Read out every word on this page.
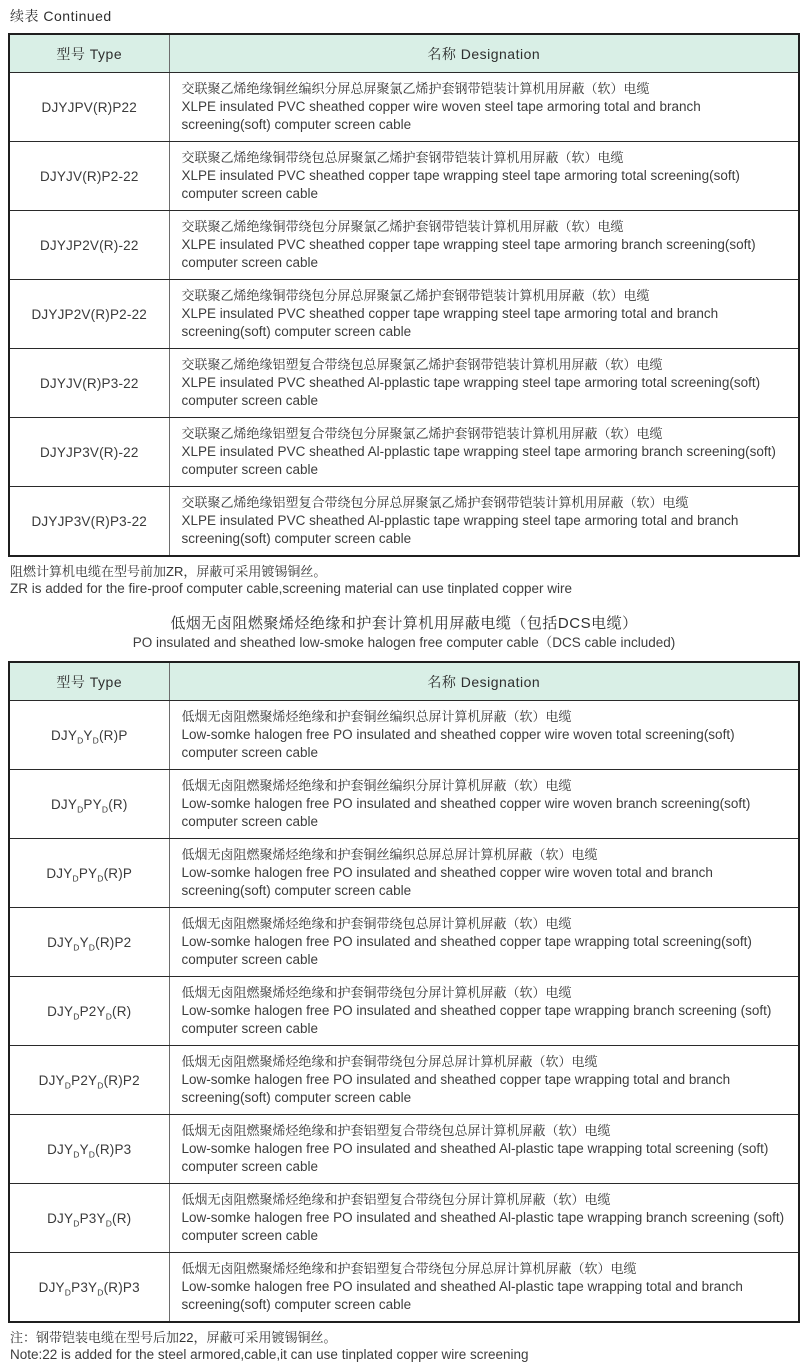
续表 Continued
型号 Type	名称 Designation
DJYJPV(R)P22	交联聚乙烯绝缘铜丝编织分屏总屏聚氯乙烯护套钢带铠装计算机用屏蔽（软）电缆
XLPE insulated PVC sheathed copper wire woven steel tape armoring total and branch screening(soft) computer screen cable

DJYJV(R)P2-22	交联聚乙烯绝缘铜带绕包总屏聚氯乙烯护套钢带铠装计算机用屏蔽（软）电缆
XLPE insulated PVC sheathed copper tape wrapping steel tape armoring total screening(soft) computer screen cable

DJYJP2V(R)-22	交联聚乙烯绝缘铜带绕包分屏聚氯乙烯护套钢带铠装计算机用屏蔽（软）电缆
XLPE insulated PVC sheathed copper tape wrapping steel tape armoring branch screening(soft) computer screen cable

DJYJP2V(R)P2-22	交联聚乙烯绝缘铜带绕包分屏总屏聚氯乙烯护套钢带铠装计算机用屏蔽（软）电缆
XLPE insulated PVC sheathed copper tape wrapping steel tape armoring total and branch screening(soft) computer screen cable

DJYJV(R)P3-22	交联聚乙烯绝缘铝塑复合带绕包总屏聚氯乙烯护套钢带铠装计算机用屏蔽（软）电缆
XLPE insulated PVC sheathed Al-pplastic tape wrapping steel tape armoring total screening(soft) computer screen cable

DJYJP3V(R)-22	交联聚乙烯绝缘铝塑复合带绕包分屏聚氯乙烯护套钢带铠装计算机用屏蔽（软）电缆
XLPE insulated PVC sheathed Al-pplastic tape wrapping steel tape armoring branch screening(soft) computer screen cable

DJYJP3V(R)P3-22	交联聚乙烯绝缘铝塑复合带绕包分屏总屏聚氯乙烯护套钢带铠装计算机用屏蔽（软）电缆
XLPE insulated PVC sheathed Al-pplastic tape wrapping steel tape armoring total and branch screening(soft) computer screen cable
阻燃计算机电缆在型号前加ZR，屏蔽可采用镀锡铜丝。
ZR is added for the fire-proof computer cable,screening material can use tinplated copper wire
低烟无卤阻燃聚烯烃绝缘和护套计算机用屏蔽电缆（包括DCS电缆）
PO insulated and sheathed low-smoke halogen free computer cable（DCS cable included)
型号 Type	名称 Designation
$DJY_DY_D(R)P$	低烟无卤阻燃聚烯烃绝缘和护套铜丝编织总屏计算机屏蔽（软）电缆
Low-somke halogen free PO insulated and sheathed copper wire woven total screening(soft) computer screen cable

$DJY_DPY_D(R)$	低烟无卤阻燃聚烯烃绝缘和护套铜丝编织分屏计算机屏蔽（软）电缆
Low-somke halogen free PO insulated and sheathed copper wire woven branch screening(soft) computer screen cable

$DJY_DPY_D(R)P$	低烟无卤阻燃聚烯烃绝缘和护套铜丝编织总屏总屏计算机屏蔽（软）电缆
Low-somke halogen free PO insulated and sheathed copper wire woven total and branch screening(soft) computer screen cable

$DJY_DY_D(R)P2$	低烟无卤阻燃聚烯烃绝缘和护套铜带绕包总屏计算机屏蔽（软）电缆
Low-somke halogen free PO insulated and sheathed copper tape wrapping total screening(soft) computer screen cable

$DJY_DP2Y_D(R)$	低烟无卤阻燃聚烯烃绝缘和护套铜带绕包分屏计算机屏蔽（软）电缆
Low-somke halogen free PO insulated and sheathed copper tape wrapping branch screening (soft) computer screen cable

$DJY_DP2Y_D(R)P2$	低烟无卤阻燃聚烯烃绝缘和护套铜带绕包分屏总屏计算机屏蔽（软）电缆
Low-somke halogen free PO insulated and sheathed copper tape wrapping total and branch screening(soft) computer screen cable

$DJY_DY_D(R)P3$	低烟无卤阻燃聚烯烃绝缘和护套铝塑复合带绕包总屏计算机屏蔽（软）电缆
Low-somke halogen free PO insulated and sheathed Al-plastic tape wrapping total screening (soft) computer screen cable

$DJY_DP3Y_D(R)$	低烟无卤阻燃聚烯烃绝缘和护套铝塑复合带绕包分屏计算机屏蔽（软）电缆
Low-somke halogen free PO insulated and sheathed Al-plastic tape wrapping branch screening (soft) computer screen cable

$DJY_DP3Y_D(R)P3$	低烟无卤阻燃聚烯烃绝缘和护套铝塑复合带绕包分屏总屏计算机屏蔽（软）电缆
Low-somke halogen free PO insulated and sheathed Al-plastic tape wrapping total and branch screening(soft) computer screen cable
注：钢带铠装电缆在型号后加22，屏蔽可采用镀锡铜丝。
Note:22 is added for the steel armored,cable,it can use tinplated copper wire screening
